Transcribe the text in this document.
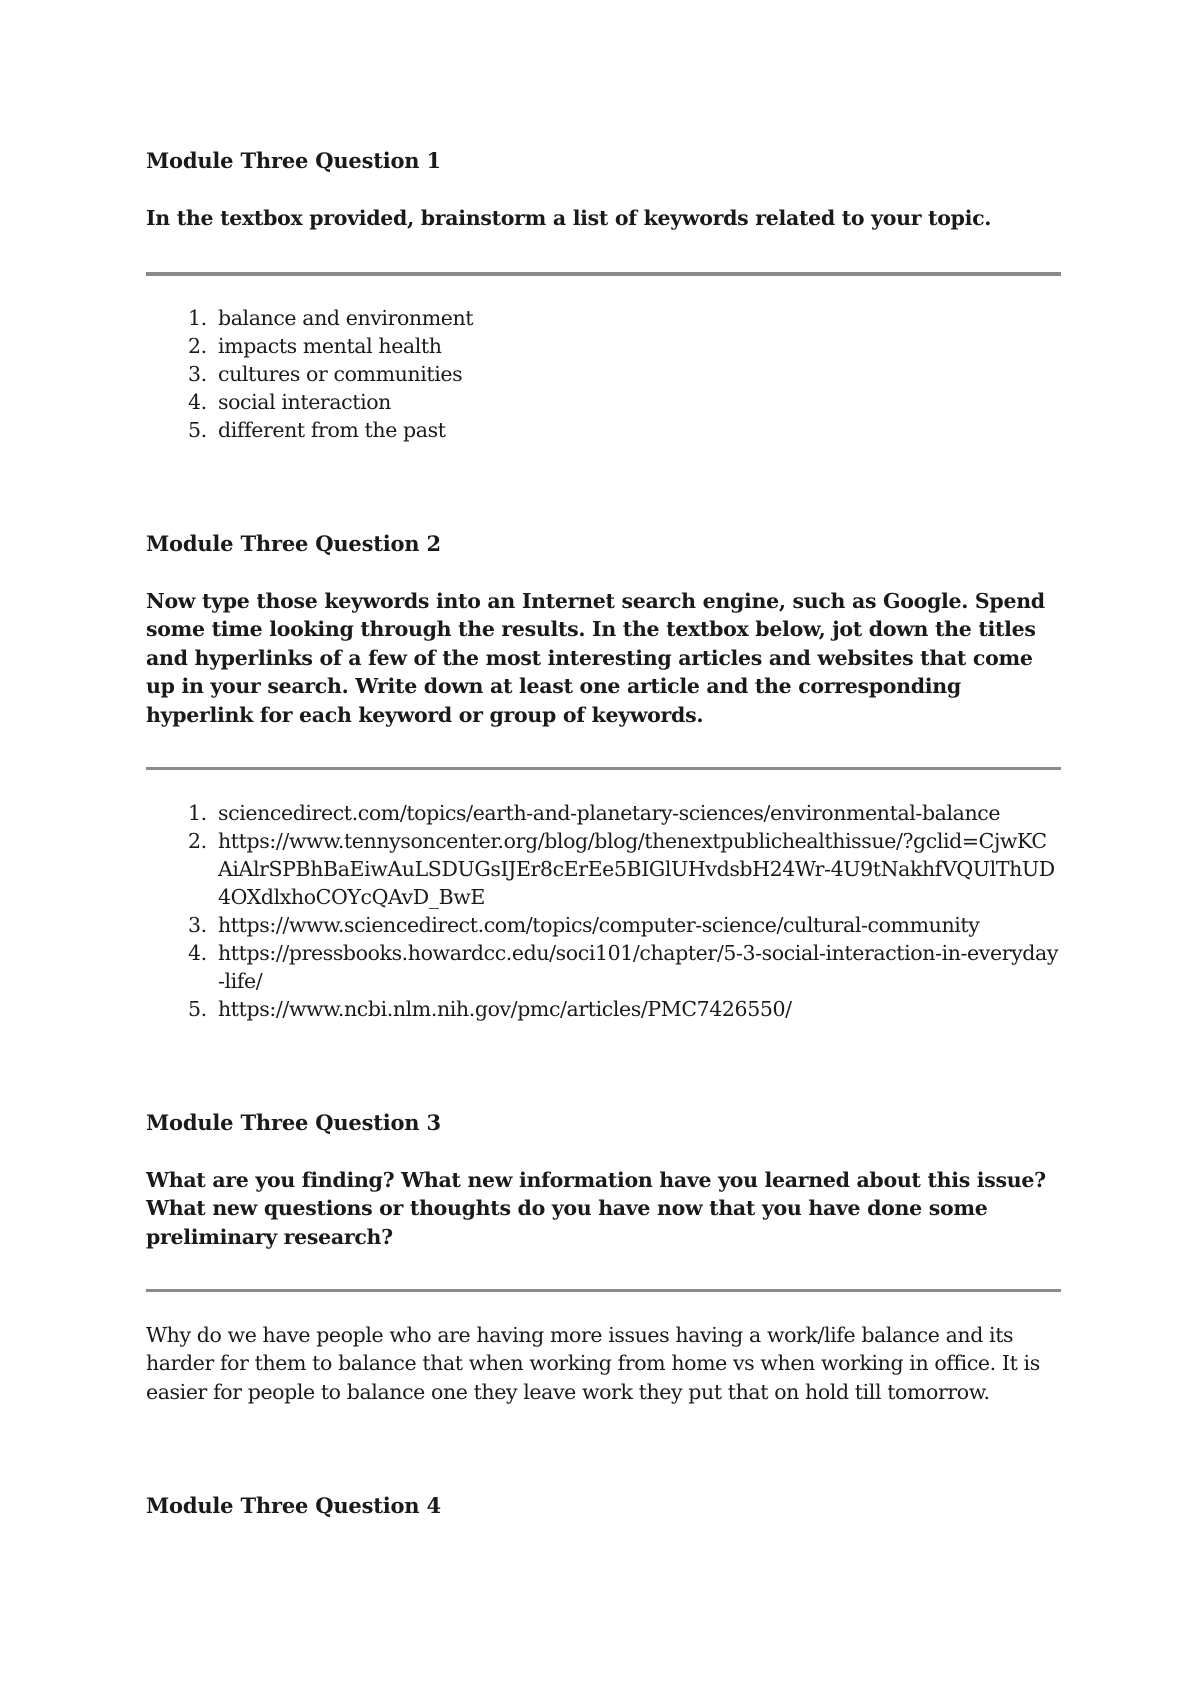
Module Three Question 1
In the textbox provided, brainstorm a list of keywords related to your topic.
1. balance and environment
2. impacts mental health
3. cultures or communities
4. social interaction
5. different from the past
Module Three Question 2
Now type those keywords into an Internet search engine, such as Google. Spend some time looking through the results. In the textbox below, jot down the titles and hyperlinks of a few of the most interesting articles and websites that come up in your search. Write down at least one article and the corresponding hyperlink for each keyword or group of keywords.
1. sciencedirect.com/topics/earth-and-planetary-sciences/environmental-balance
2. https://www.tennysoncenter.org/blog/blog/thenextpublichealthissue/?gclid=CjwKCAiAlrSPBhBaEiwAuLSDUGsIJEr8cErEe5BIGlUHvdsbH24Wr-4U9tNakhfVQUlThUD4OXdlxhoCOYcQAvD_BwE
3. https://www.sciencedirect.com/topics/computer-science/cultural-community
4. https://pressbooks.howardcc.edu/soci101/chapter/5-3-social-interaction-in-everyday-life/
5. https://www.ncbi.nlm.nih.gov/pmc/articles/PMC7426550/
Module Three Question 3
What are you finding? What new information have you learned about this issue? What new questions or thoughts do you have now that you have done some preliminary research?
Why do we have people who are having more issues having a work/life balance and its harder for them to balance that when working from home vs when working in office. It is easier for people to balance one they leave work they put that on hold till tomorrow.
Module Three Question 4
